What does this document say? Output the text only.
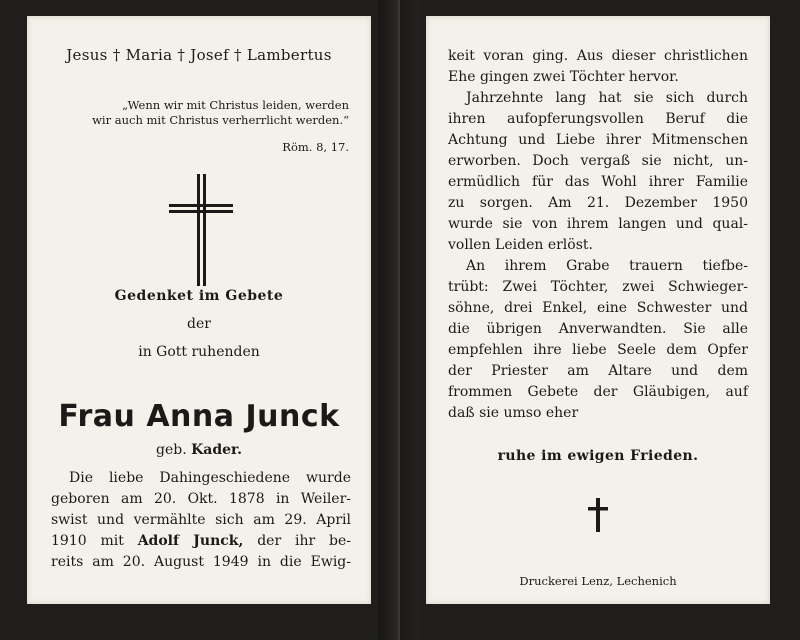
Jesus † Maria † Josef † Lambertus
„Wenn wir mit Christus leiden, werden
wir auch mit Christus verherrlicht werden.“
Röm. 8, 17.
Gedenket im Gebete
der
in Gott ruhenden
Frau Anna Junck
geb. Kader.
Die liebe Dahingeschiedene wurde
geboren am 20. Okt. 1878 in Weiler-
swist und vermählte sich am 29. April
1910 mit Adolf Junck, der ihr be-
reits am 20. August 1949 in die Ewig-
keit voran ging. Aus dieser christlichen
Ehe gingen zwei Töchter hervor.
Jahrzehnte lang hat sie sich durch
ihren aufopferungsvollen Beruf die
Achtung und Liebe ihrer Mitmenschen
erworben. Doch vergaß sie nicht, un-
ermüdlich für das Wohl ihrer Familie
zu sorgen. Am 21. Dezember 1950
wurde sie von ihrem langen und qual-
vollen Leiden erlöst.
An ihrem Grabe trauern tiefbe-
trübt: Zwei Töchter, zwei Schwieger-
söhne, drei Enkel, eine Schwester und
die übrigen Anverwandten. Sie alle
empfehlen ihre liebe Seele dem Opfer
der Priester am Altare und dem
frommen Gebete der Gläubigen, auf
daß sie umso eher
ruhe im ewigen Frieden.
Druckerei Lenz, Lechenich
